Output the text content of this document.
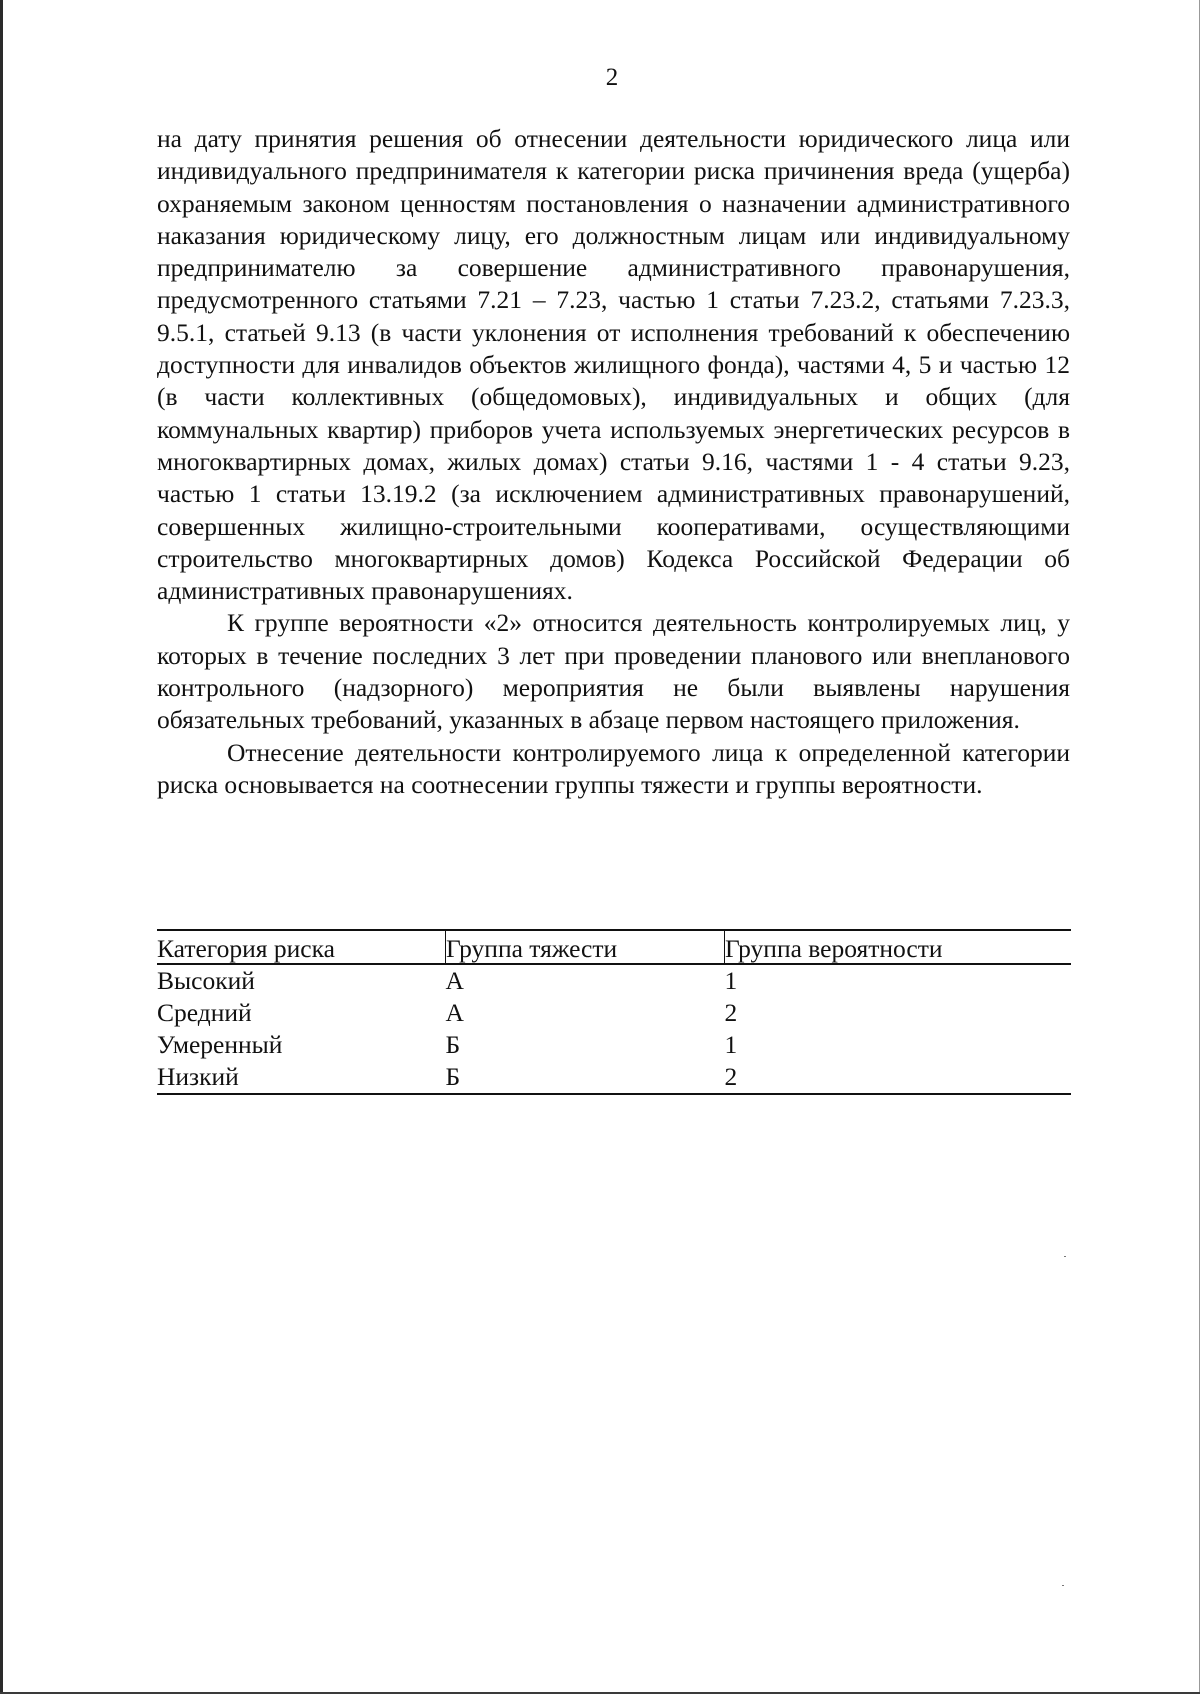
2

на дату принятия решения об отнесении деятельности юридического лица или индивидуального предпринимателя к категории риска причинения вреда (ущерба) охраняемым законом ценностям постановления о назначении административного наказания юридическому лицу, его должностным лицам или индивидуальному предпринимателю за совершение административного правонарушения, предусмотренного статьями 7.21 – 7.23, частью 1 статьи 7.23.2, статьями 7.23.3, 9.5.1, статьей 9.13 (в части уклонения от исполнения требований к обеспечению доступности для инвалидов объектов жилищного фонда), частями 4, 5 и частью 12 (в части коллективных (общедомовых), индивидуальных и общих (для коммунальных квартир) приборов учета используемых энергетических ресурсов в многоквартирных домах, жилых домах) статьи 9.16, частями 1 - 4 статьи 9.23, частью 1 статьи 13.19.2 (за исключением административных правонарушений, совершенных жилищно-строительными кооперативами, осуществляющими строительство многоквартирных домов) Кодекса Российской Федерации об административных правонарушениях.

К группе вероятности «2» относится деятельность контролируемых лиц, у которых в течение последних 3 лет при проведении планового или внепланового контрольного (надзорного) мероприятия не были выявлены нарушения обязательных требований, указанных в абзаце первом настоящего приложения.

Отнесение деятельности контролируемого лица к определенной категории риска основывается на соотнесении группы тяжести и группы вероятности.

Категория риска	Группа тяжести	Группа вероятности
Высокий	А	1
Средний	А	2
Умеренный	Б	1
Низкий	Б	2
